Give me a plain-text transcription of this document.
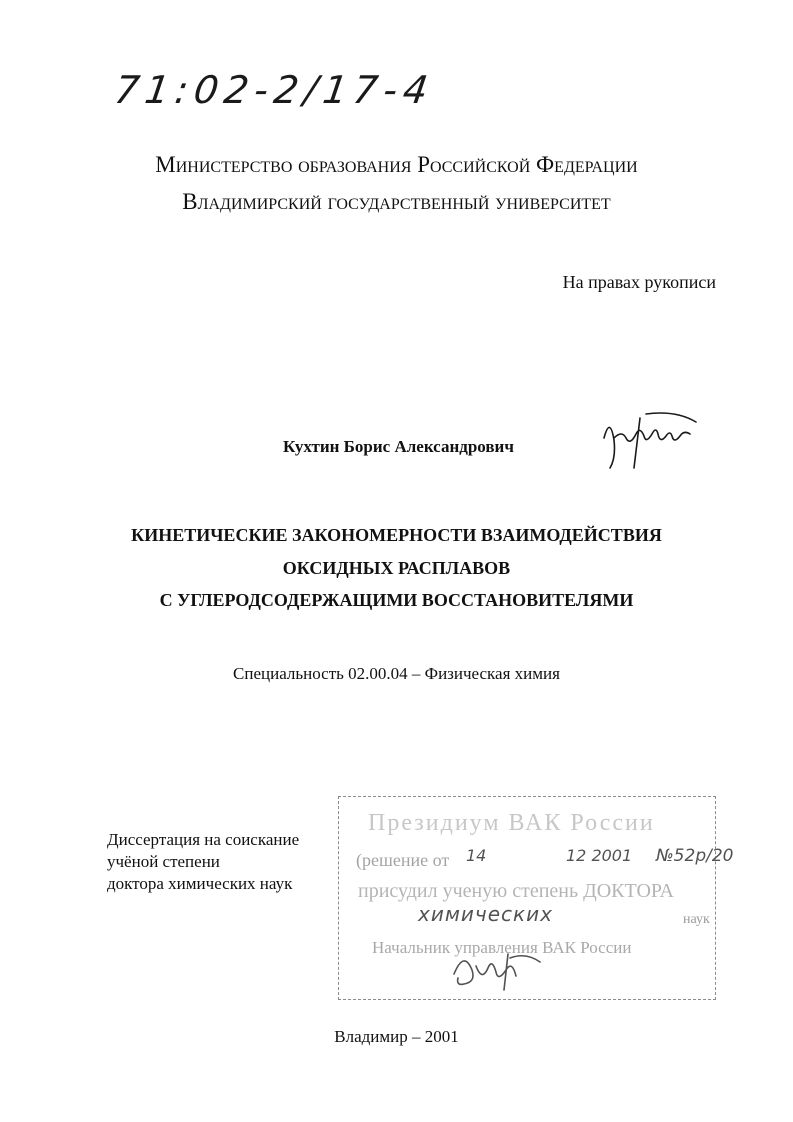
71:02-2/17-4
Министерство образования Российской Федерации
Владимирский государственный университет
На правах рукописи
Кухтин Борис Александрович
КИНЕТИЧЕСКИЕ ЗАКОНОМЕРНОСТИ ВЗАИМОДЕЙСТВИЯ
ОКСИДНЫХ РАСПЛАВОВ
С УГЛЕРОДСОДЕРЖАЩИМИ ВОССТАНОВИТЕЛЯМИ
Специальность 02.00.04 – Физическая химия
Диссертация на соискание
учёной степени
доктора химических наук
Президиум ВАК России
(решение от
присудил ученую степень ДОКТОРА
наук
Начальник управления ВАК России
14	12 2001 №52р/20
химических
Владимир – 2001
